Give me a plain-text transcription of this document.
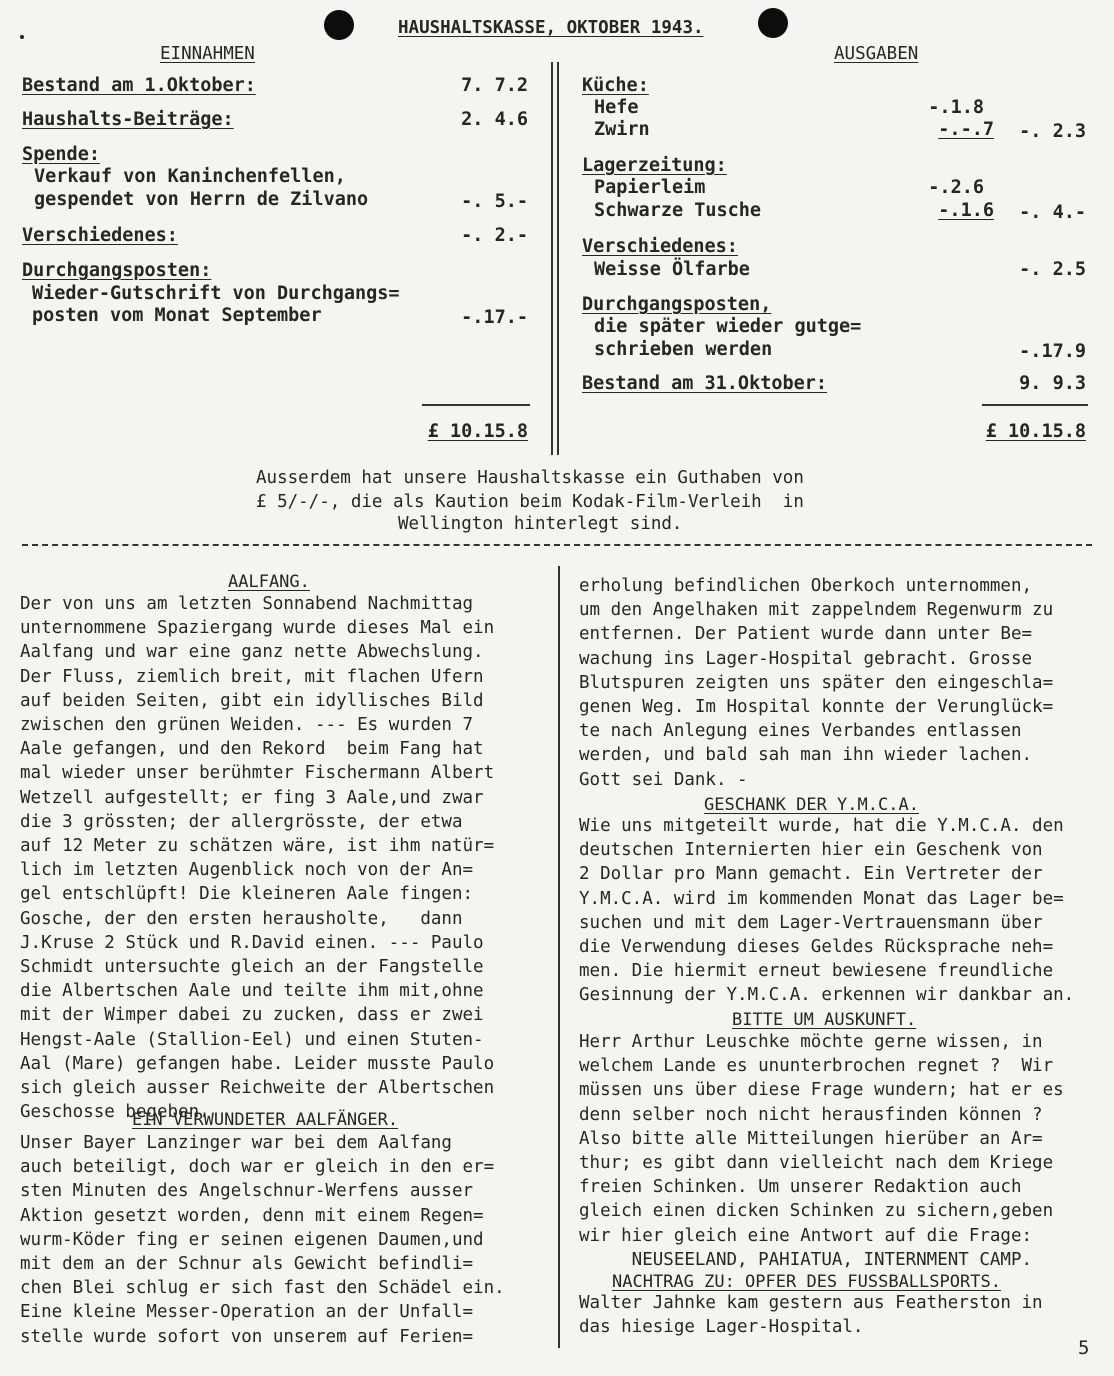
HAUSHALTSKASSE, OKTOBER 1943.
EINNAHMEN	AUSGABEN
Bestand am 1.Oktober:	7. 7.2
Haushalts-Beiträge:	2. 4.6
Spende:
Verkauf von Kaninchenfellen,
gespendet von Herrn de Zilvano	-. 5.-
Verschiedenes:	-. 2.-
Durchgangsposten:
Wieder-Gutschrift von Durchgangs=
posten vom Monat September	-.17.-
£ 10.15.8
Küche:
Hefe	-.1.8
Zwirn	-.-.7	-. 2.3
Lagerzeitung:
Papierleim	-.2.6
Schwarze Tusche	-.1.6	-. 4.-
Verschiedenes:
Weisse Ölfarbe	-. 2.5
Durchgangsposten,
die später wieder gutge=
schrieben werden	-.17.9
Bestand am 31.Oktober:	9. 9.3
£ 10.15.8
Ausserdem hat unsere Haushaltskasse ein Guthaben von
£ 5/-/-, die als Kaution beim Kodak-Film-Verleih  in
Wellington hinterlegt sind.
AALFANG.

Der von uns am letzten Sonnabend Nachmittag

unternommene Spaziergang wurde dieses Mal ein

Aalfang und war eine ganz nette Abwechslung.

Der Fluss, ziemlich breit, mit flachen Ufern

auf beiden Seiten, gibt ein idyllisches Bild

zwischen den grünen Weiden. --- Es wurden 7

Aale gefangen, und den Rekord  beim Fang hat

mal wieder unser berühmter Fischermann Albert

Wetzell aufgestellt; er fing 3 Aale,und zwar

die 3 grössten; der allergrösste, der etwa

auf 12 Meter zu schätzen wäre, ist ihm natür=

lich im letzten Augenblick noch von der An=

gel entschlüpft! Die kleineren Aale fingen:

Gosche, der den ersten herausholte,   dann

J.Kruse 2 Stück und R.David einen. --- Paulo

Schmidt untersuchte gleich an der Fangstelle

die Albertschen Aale und teilte ihm mit,ohne

mit der Wimper dabei zu zucken, dass er zwei

Hengst-Aale (Stallion-Eel) und einen Stuten-

Aal (Mare) gefangen habe. Leider musste Paulo

sich gleich ausser Reichweite der Albertschen

Geschosse begeben.

EIN VERWUNDETER AALFÄNGER.

Unser Bayer Lanzinger war bei dem Aalfang

auch beteiligt, doch war er gleich in den er=

sten Minuten des Angelschnur-Werfens ausser

Aktion gesetzt worden, denn mit einem Regen=

wurm-Köder fing er seinen eigenen Daumen,und

mit dem an der Schnur als Gewicht befindli=

chen Blei schlug er sich fast den Schädel ein.

Eine kleine Messer-Operation an der Unfall=

stelle wurde sofort von unserem auf Ferien=

erholung befindlichen Oberkoch unternommen,

um den Angelhaken mit zappelndem Regenwurm zu

entfernen. Der Patient wurde dann unter Be=

wachung ins Lager-Hospital gebracht. Grosse

Blutspuren zeigten uns später den eingeschla=

genen Weg. Im Hospital konnte der Verunglück=

te nach Anlegung eines Verbandes entlassen

werden, und bald sah man ihn wieder lachen.

Gott sei Dank. -

GESCHANK DER Y.M.C.A.

Wie uns mitgeteilt wurde, hat die Y.M.C.A. den

deutschen Internierten hier ein Geschenk von

2 Dollar pro Mann gemacht. Ein Vertreter der

Y.M.C.A. wird im kommenden Monat das Lager be=

suchen und mit dem Lager-Vertrauensmann über

die Verwendung dieses Geldes Rücksprache neh=

men. Die hiermit erneut bewiesene freundliche

Gesinnung der Y.M.C.A. erkennen wir dankbar an.

BITTE UM AUSKUNFT.

Herr Arthur Leuschke möchte gerne wissen, in

welchem Lande es ununterbrochen regnet ?  Wir

müssen uns über diese Frage wundern; hat er es

denn selber noch nicht herausfinden können ?

Also bitte alle Mitteilungen hierüber an Ar=

thur; es gibt dann vielleicht nach dem Kriege

freien Schinken. Um unserer Redaktion auch

gleich einen dicken Schinken zu sichern,geben

wir hier gleich eine Antwort auf die Frage:

NEUSEELAND, PAHIATUA, INTERNMENT CAMP.

NACHTRAG ZU: OPFER DES FUSSBALLSPORTS.

Walter Jahnke kam gestern aus Featherston in

das hiesige Lager-Hospital.

5
